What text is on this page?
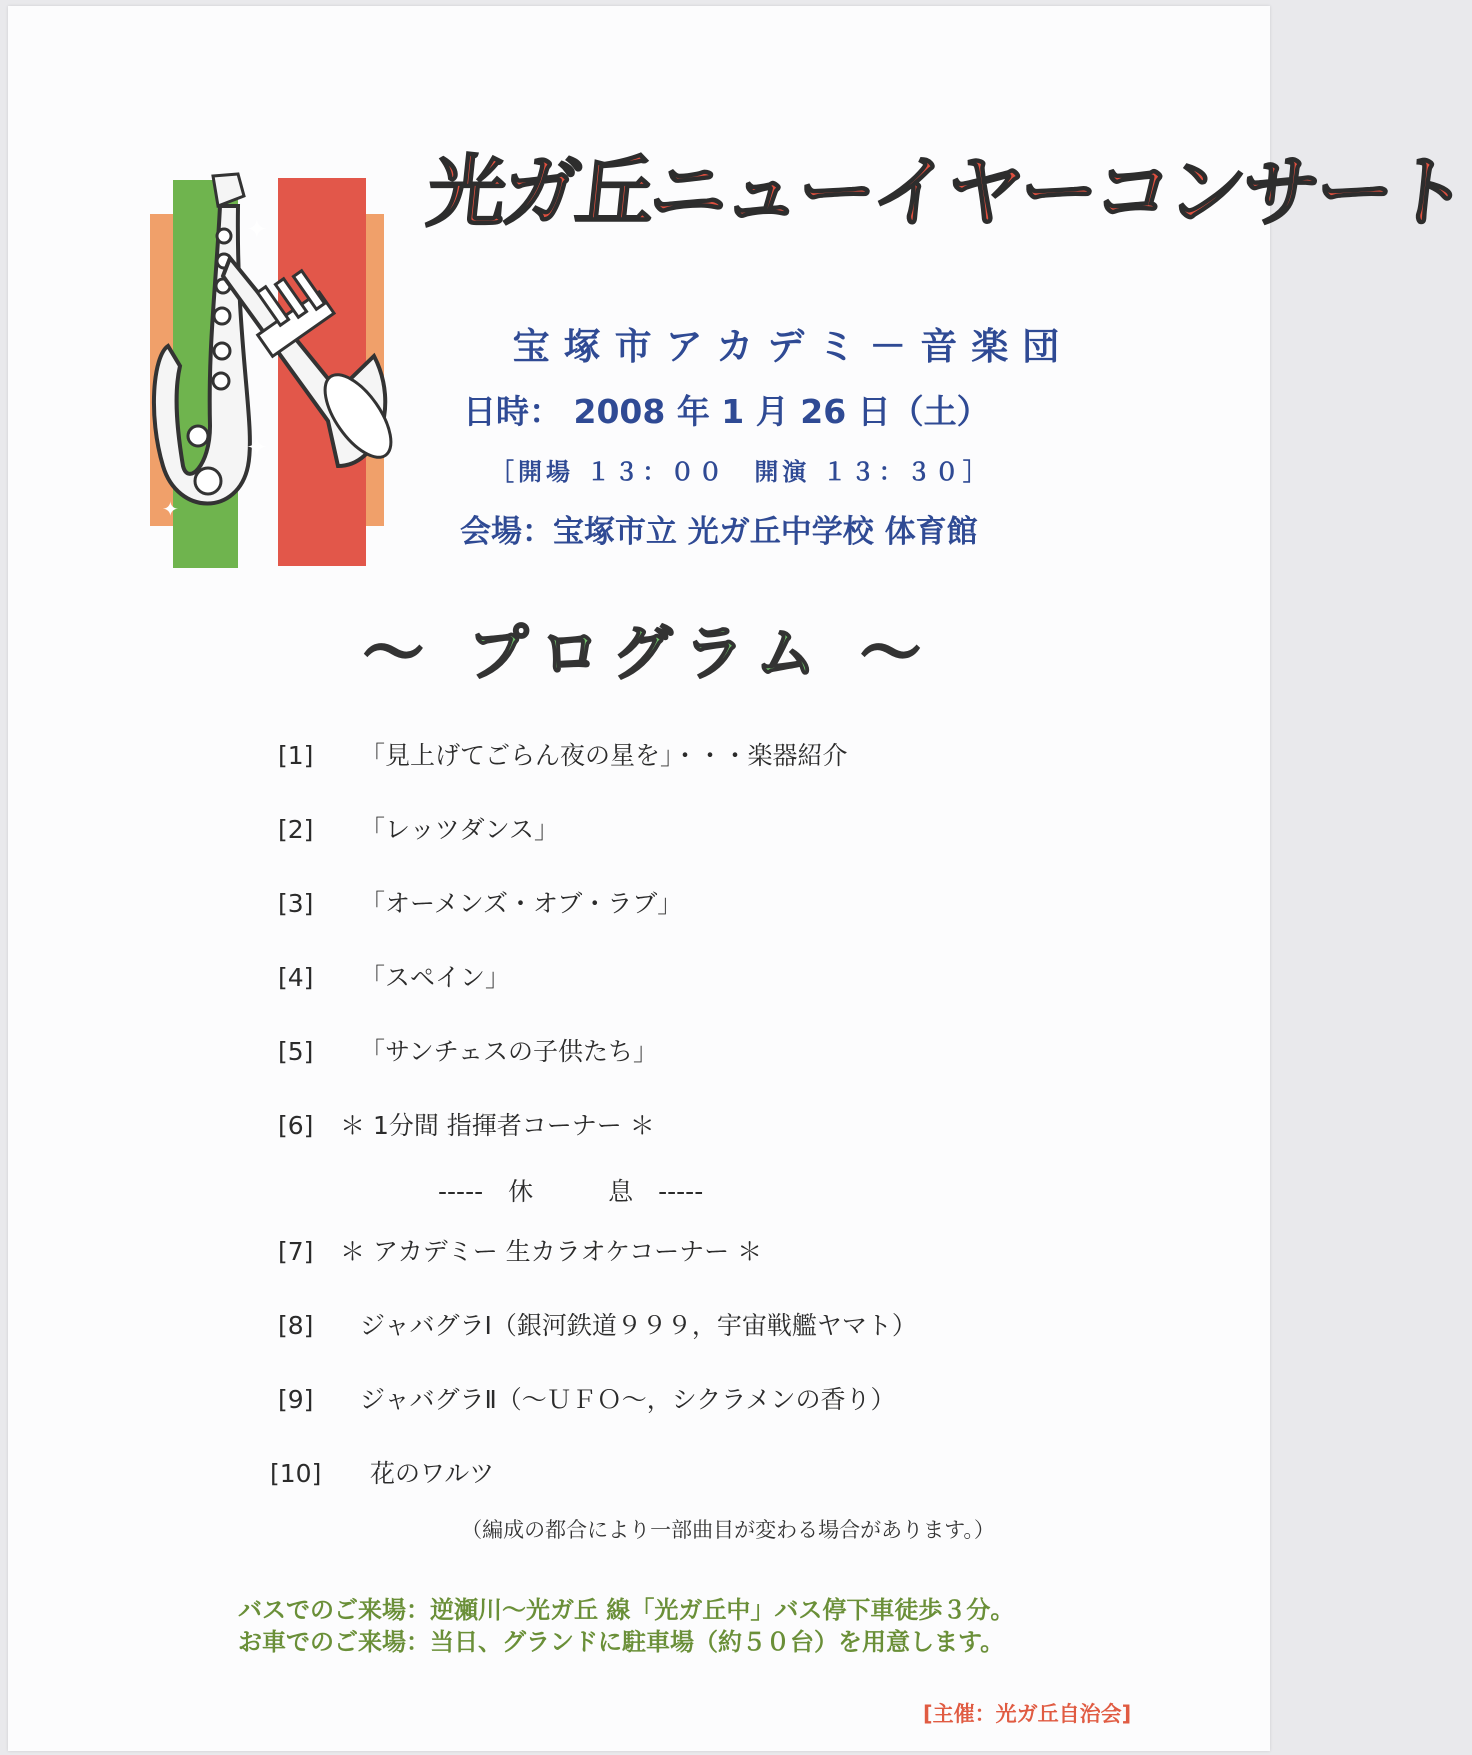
✦
✦
✦
光ガ丘ニューイヤーコンサート
宝塚市アカデミ－音楽団
日時： 2008 年 1 月 26 日（土）
［開場 １３：００　開演 １３：３０］
会場：宝塚市立 光ガ丘中学校 体育館
～ プログラム ～
[1] 「見上げてごらん夜の星を」・・・楽器紹介
[2] 「レッツダンス」
[3] 「オーメンズ・オブ・ラブ」
[4] 「スペイン」
[5] 「サンチェスの子供たち」
[6] ＊ 1分間 指揮者コーナー ＊
-----　休　　　息　-----
[7] ＊ アカデミー 生カラオケコーナー ＊
[8] ジャバグラⅠ（銀河鉄道９９９，宇宙戦艦ヤマト）
[9] ジャバグラⅡ（～ＵＦＯ～，シクラメンの香り）
[10] 花のワルツ
（編成の都合により一部曲目が変わる場合があります。）
バスでのご来場：逆瀬川～光ガ丘 線「光ガ丘中」バス停下車徒歩３分。
お車でのご来場：当日、グランドに駐車場（約５０台）を用意します。
[主催：光ガ丘自治会]
